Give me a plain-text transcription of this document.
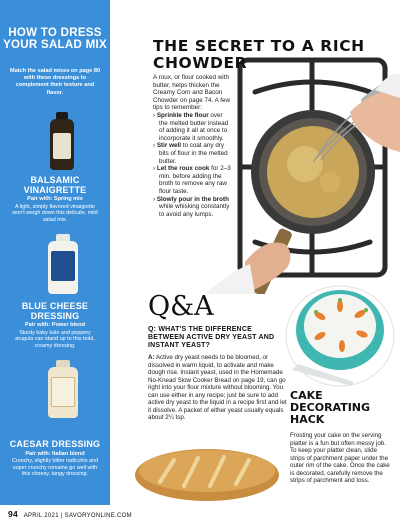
HOW TO DRESS YOUR SALAD MIX
Match the salad mixes on page 80 with these dressings to complement their texture and flavor.
BALSAMIC VINAIGRETTE
Pair with: Spring mix
A light, simply flavored vinaigrette won't weigh down this delicate, mild salad mix.
BLUE CHEESE DRESSING
Pair with: Power blend
Sturdy baby kale and peppery arugula can stand up to this bold, creamy dressing.
CAESAR DRESSING
Pair with: Italian blend
Crunchy, slightly bitter radicchio and super crunchy romaine go well with this cheesy, tangy dressing.
THE SECRET TO A RICH CHOWDER
A roux, or flour cooked with butter, helps thicken the Creamy Corn and Bacon Chowder on page 74. A few tips to remember:
› Sprinkle the flour over the melted butter instead of adding it all at once to incorporate it smoothly.
› Stir well to coat any dry bits of flour in the melted butter.
› Let the roux cook for 2–3 min. before adding the broth to remove any raw flour taste.
› Slowly pour in the broth while whisking constantly to avoid any lumps.
Q&A
Q: WHAT'S THE DIFFERENCE BETWEEN ACTIVE DRY YEAST AND INSTANT YEAST?
A: Active dry yeast needs to be bloomed, or dissolved in warm liquid, to activate and make dough rise. Instant yeast, used in the Homemade No-Knead Slow Cooker Bread on page 19, can go right into your flour mixture without blooming. You can use either in any recipe; just be sure to add active dry yeast to the liquid in a recipe first and let it dissolve. A packet of either yeast usually equals about 2¼ tsp.
CAKE DECORATING HACK
Frosting your cake on the serving platter is a fun but often messy job. To keep your platter clean, slide strips of parchment paper under the outer rim of the cake. Once the cake is decorated, carefully remove the strips of parchment and toss.
94 APRIL 2021 | SAVORYONLINE.COM
